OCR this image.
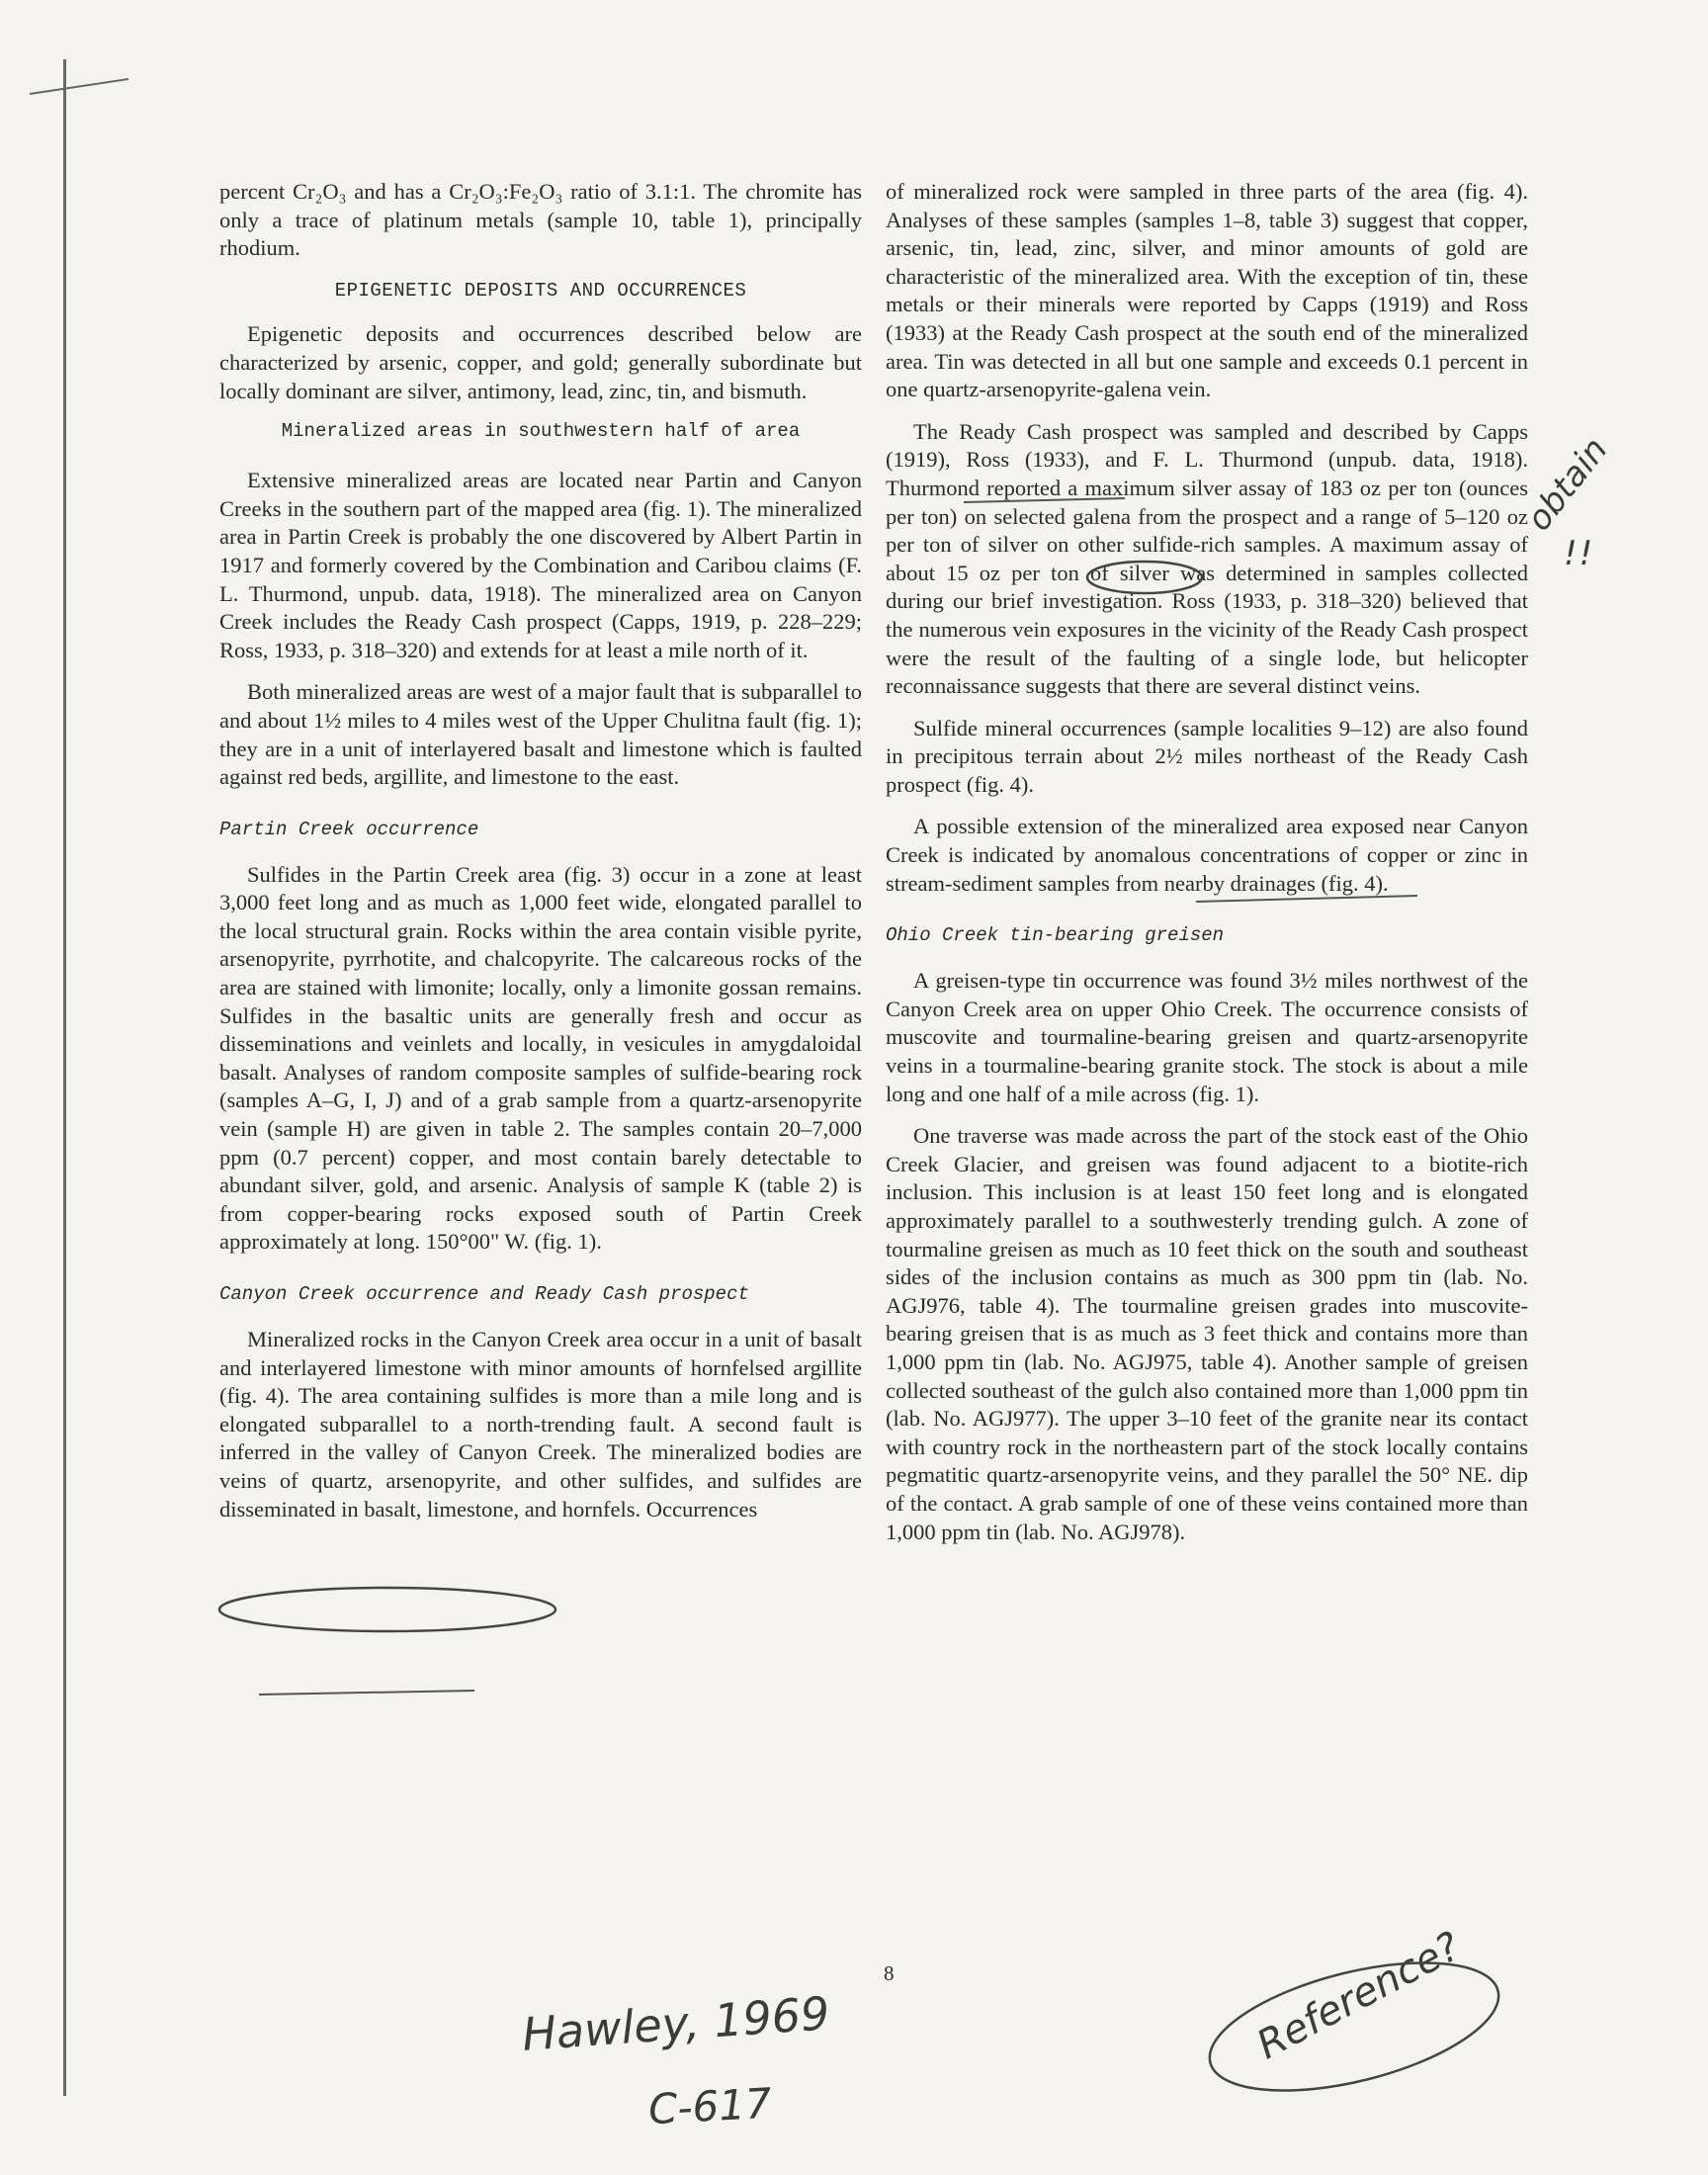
percent Cr₂O₃ and has a Cr₂O₃:Fe₂O₃ ratio of 3.1:1. The chromite has only a trace of platinum metals (sample 10, table 1), principally rhodium.

EPIGENETIC DEPOSITS AND OCCURRENCES

Epigenetic deposits and occurrences described below are characterized by arsenic, copper, and gold; generally subordinate but locally dominant are silver, antimony, lead, zinc, tin, and bismuth.

Mineralized areas in southwestern half of area

Extensive mineralized areas are located near Partin and Canyon Creeks in the southern part of the mapped area (fig. 1). The mineralized area in Partin Creek is probably the one discovered by Albert Partin in 1917 and formerly covered by the Combination and Caribou claims (F. L. Thurmond, unpub. data, 1918). The mineralized area on Canyon Creek includes the Ready Cash prospect (Capps, 1919, p. 228–229; Ross, 1933, p. 318–320) and extends for at least a mile north of it.

Both mineralized areas are west of a major fault that is subparallel to and about 1½ miles to 4 miles west of the Upper Chulitna fault (fig. 1); they are in a unit of interlayered basalt and limestone which is faulted against red beds, argillite, and limestone to the east.

Partin Creek occurrence

Sulfides in the Partin Creek area (fig. 3) occur in a zone at least 3,000 feet long and as much as 1,000 feet wide, elongated parallel to the local structural grain. Rocks within the area contain visible pyrite, arsenopyrite, pyrrhotite, and chalcopyrite. The calcareous rocks of the area are stained with limonite; locally, only a limonite gossan remains. Sulfides in the basaltic units are generally fresh and occur as disseminations and veinlets and locally, in vesicules in amygdaloidal basalt. Analyses of random composite samples of sulfide-bearing rock (samples A–G, I, J) and of a grab sample from a quartz-arsenopyrite vein (sample H) are given in table 2. The samples contain 20–7,000 ppm (0.7 percent) copper, and most contain barely detectable to abundant silver, gold, and arsenic. Analysis of sample K (table 2) is from copper-bearing rocks exposed south of Partin Creek approximately at long. 150°00" W. (fig. 1).

Canyon Creek occurrence and Ready Cash prospect

Mineralized rocks in the Canyon Creek area occur in a unit of basalt and interlayered limestone with minor amounts of hornfelsed argillite (fig. 4). The area containing sulfides is more than a mile long and is elongated subparallel to a north-trending fault. A second fault is inferred in the valley of Canyon Creek. The mineralized bodies are veins of quartz, arsenopyrite, and other sulfides, and sulfides are disseminated in basalt, limestone, and hornfels. Occurrences

of mineralized rock were sampled in three parts of the area (fig. 4). Analyses of these samples (samples 1–8, table 3) suggest that copper, arsenic, tin, lead, zinc, silver, and minor amounts of gold are characteristic of the mineralized area. With the exception of tin, these metals or their minerals were reported by Capps (1919) and Ross (1933) at the Ready Cash prospect at the south end of the mineralized area. Tin was detected in all but one sample and exceeds 0.1 percent in one quartz-arsenopyrite-galena vein.

The Ready Cash prospect was sampled and described by Capps (1919), Ross (1933), and F. L. Thurmond (unpub. data, 1918). Thurmond reported a maximum silver assay of 183 oz per ton (ounces per ton) on selected galena from the prospect and a range of 5–120 oz per ton of silver on other sulfide-rich samples. A maximum assay of about 15 oz per ton of silver was determined in samples collected during our brief investigation. Ross (1933, p. 318–320) believed that the numerous vein exposures in the vicinity of the Ready Cash prospect were the result of the faulting of a single lode, but helicopter reconnaissance suggests that there are several distinct veins.

Sulfide mineral occurrences (sample localities 9–12) are also found in precipitous terrain about 2½ miles northeast of the Ready Cash prospect (fig. 4).

A possible extension of the mineralized area exposed near Canyon Creek is indicated by anomalous concentrations of copper or zinc in stream-sediment samples from nearby drainages (fig. 4).

Ohio Creek tin-bearing greisen

A greisen-type tin occurrence was found 3½ miles northwest of the Canyon Creek area on upper Ohio Creek. The occurrence consists of muscovite and tourmaline-bearing greisen and quartz-arsenopyrite veins in a tourmaline-bearing granite stock. The stock is about a mile long and one half of a mile across (fig. 1).

One traverse was made across the part of the stock east of the Ohio Creek Glacier, and greisen was found adjacent to a biotite-rich inclusion. This inclusion is at least 150 feet long and is elongated approximately parallel to a southwesterly trending gulch. A zone of tourmaline greisen as much as 10 feet thick on the south and southeast sides of the inclusion contains as much as 300 ppm tin (lab. No. AGJ976, table 4). The tourmaline greisen grades into muscovite-bearing greisen that is as much as 3 feet thick and contains more than 1,000 ppm tin (lab. No. AGJ975, table 4). Another sample of greisen collected southeast of the gulch also contained more than 1,000 ppm tin (lab. No. AGJ977). The upper 3–10 feet of the granite near its contact with country rock in the northeastern part of the stock locally contains pegmatitic quartz-arsenopyrite veins, and they parallel the 50° NE. dip of the contact. A grab sample of one of these veins contained more than 1,000 ppm tin (lab. No. AGJ978).

8
Hawley, 1969
C-617
Reference?
obtain
!!
